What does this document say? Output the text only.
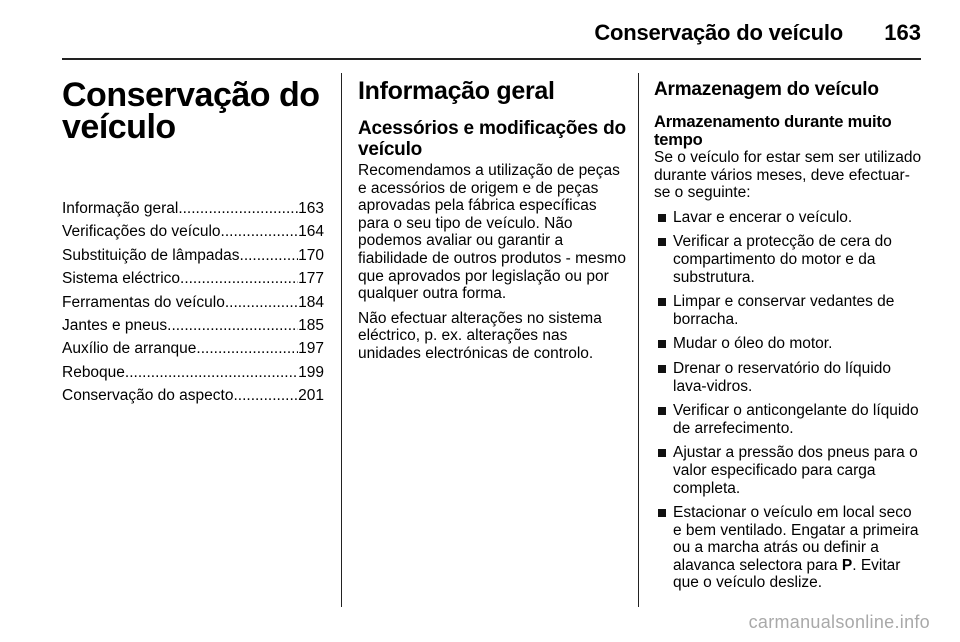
Conservação do veículo 163
Conservação do
veículo
Informação geral .....	163
Verificações do veículo .....	164
Substituição de lâmpadas .....	170
Sistema eléctrico .....	177
Ferramentas do veículo .....	184
Jantes e pneus .....	185
Auxílio de arranque .....	197
Reboque .....	199
Conservação do aspecto .....	201
Informação geral
Acessórios e modificações do veículo

Recomendamos a utilização de peças e acessórios de origem e de peças aprovadas pela fábrica específicas para o seu tipo de veículo. Não podemos avaliar ou garantir a fiabilidade de outros produtos - mesmo que aprovados por legislação ou por qualquer outra forma.

Não efectuar alterações no sistema eléctrico, p. ex. alterações nas unidades electrónicas de controlo.

Armazenagem do veículo
Armazenamento durante muito tempo

Se o veículo for estar sem ser utilizado durante vários meses, deve efectuar-se o seguinte:

Lavar e encerar o veículo.
Verificar a protecção de cera do compartimento do motor e da substrutura.
Limpar e conservar vedantes de borracha.
Mudar o óleo do motor.
Drenar o reservatório do líquido lava-vidros.
Verificar o anticongelante do líquido de arrefecimento.
Ajustar a pressão dos pneus para o valor especificado para carga completa.
Estacionar o veículo em local seco e bem ventilado. Engatar a primeira ou a marcha atrás ou definir a alavanca selectora para P. Evitar que o veículo deslize.
carmanualsonline.info
